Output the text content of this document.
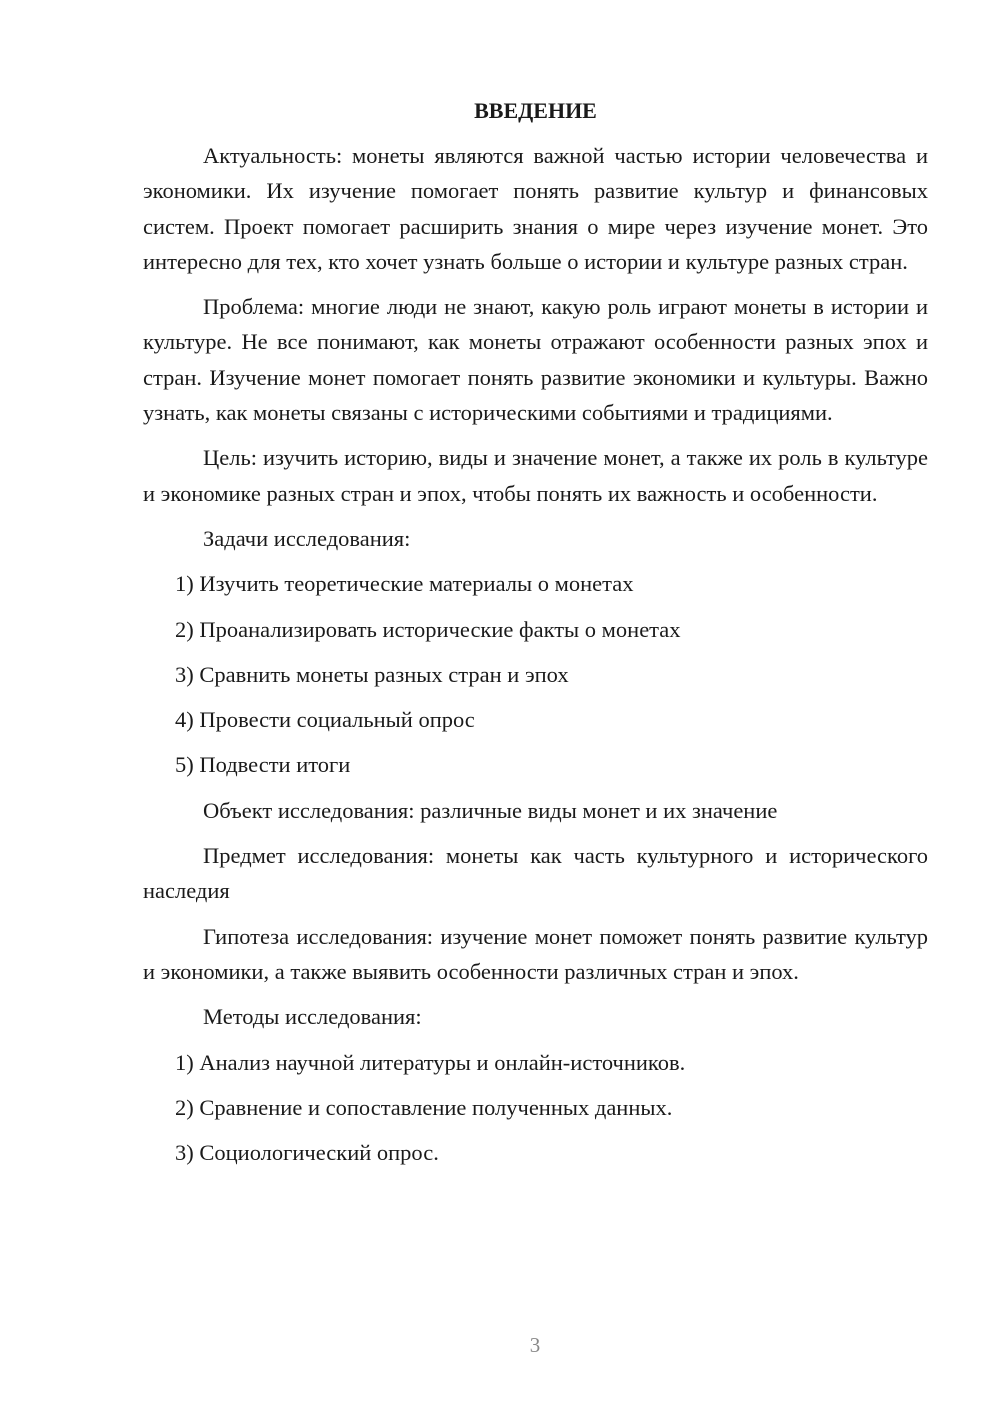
ВВЕДЕНИЕ

Актуальность: монеты являются важной частью истории человечества и экономики. Их изучение помогает понять развитие культур и финансовых систем. Проект помогает расширить знания о мире через изучение монет. Это интересно для тех, кто хочет узнать больше о истории и культуре разных стран.

Проблема: многие люди не знают, какую роль играют монеты в истории и культуре. Не все понимают, как монеты отражают особенности разных эпох и стран. Изучение монет помогает понять развитие экономики и культуры. Важно узнать, как монеты связаны с историческими событиями и традициями.

Цель: изучить историю, виды и значение монет, а также их роль в культуре и экономике разных стран и эпох, чтобы понять их важность и особенности.

Задачи исследования:

1) Изучить теоретические материалы о монетах

2) Проанализировать исторические факты о монетах

3) Сравнить монеты разных стран и эпох

4) Провести социальный опрос

5) Подвести итоги

Объект исследования: различные виды монет и их значение

Предмет исследования: монеты как часть культурного и исторического наследия

Гипотеза исследования: изучение монет поможет понять развитие культур и экономики, а также выявить особенности различных стран и эпох.

Методы исследования:

1) Анализ научной литературы и онлайн-источников.

2) Сравнение и сопоставление полученных данных.

3) Социологический опрос.

3
